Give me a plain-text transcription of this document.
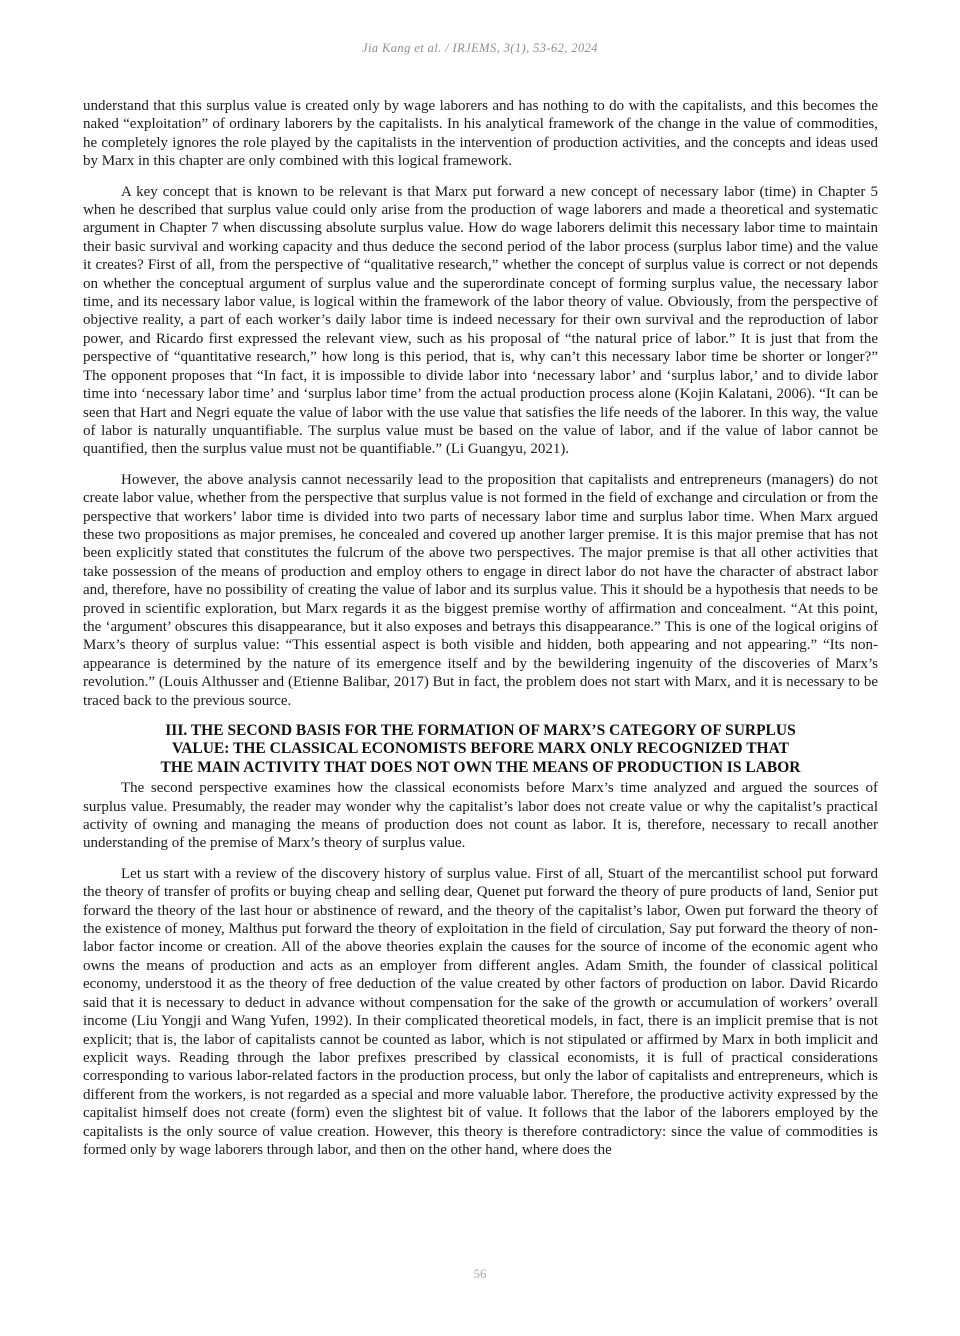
Jia Kang et al. / IRJEMS, 3(1), 53-62, 2024

understand that this surplus value is created only by wage laborers and has nothing to do with the capitalists, and this becomes the naked “exploitation” of ordinary laborers by the capitalists. In his analytical framework of the change in the value of commodities, he completely ignores the role played by the capitalists in the intervention of production activities, and the concepts and ideas used by Marx in this chapter are only combined with this logical framework.

A key concept that is known to be relevant is that Marx put forward a new concept of necessary labor (time) in Chapter 5 when he described that surplus value could only arise from the production of wage laborers and made a theoretical and systematic argument in Chapter 7 when discussing absolute surplus value. How do wage laborers delimit this necessary labor time to maintain their basic survival and working capacity and thus deduce the second period of the labor process (surplus labor time) and the value it creates? First of all, from the perspective of “qualitative research,” whether the concept of surplus value is correct or not depends on whether the conceptual argument of surplus value and the superordinate concept of forming surplus value, the necessary labor time, and its necessary labor value, is logical within the framework of the labor theory of value. Obviously, from the perspective of objective reality, a part of each worker’s daily labor time is indeed necessary for their own survival and the reproduction of labor power, and Ricardo first expressed the relevant view, such as his proposal of “the natural price of labor.” It is just that from the perspective of “quantitative research,” how long is this period, that is, why can’t this necessary labor time be shorter or longer?” The opponent proposes that “In fact, it is impossible to divide labor into ‘necessary labor’ and ‘surplus labor,’ and to divide labor time into ‘necessary labor time’ and ‘surplus labor time’ from the actual production process alone (Kojin Kalatani, 2006). “It can be seen that Hart and Negri equate the value of labor with the use value that satisfies the life needs of the laborer. In this way, the value of labor is naturally unquantifiable. The surplus value must be based on the value of labor, and if the value of labor cannot be quantified, then the surplus value must not be quantifiable.” (Li Guangyu, 2021).

However, the above analysis cannot necessarily lead to the proposition that capitalists and entrepreneurs (managers) do not create labor value, whether from the perspective that surplus value is not formed in the field of exchange and circulation or from the perspective that workers’ labor time is divided into two parts of necessary labor time and surplus labor time. When Marx argued these two propositions as major premises, he concealed and covered up another larger premise. It is this major premise that has not been explicitly stated that constitutes the fulcrum of the above two perspectives. The major premise is that all other activities that take possession of the means of production and employ others to engage in direct labor do not have the character of abstract labor and, therefore, have no possibility of creating the value of labor and its surplus value. This it should be a hypothesis that needs to be proved in scientific exploration, but Marx regards it as the biggest premise worthy of affirmation and concealment. “At this point, the ‘argument’ obscures this disappearance, but it also exposes and betrays this disappearance.” This is one of the logical origins of Marx’s theory of surplus value: “This essential aspect is both visible and hidden, both appearing and not appearing.” “Its non-appearance is determined by the nature of its emergence itself and by the bewildering ingenuity of the discoveries of Marx’s revolution.” (Louis Althusser and (Etienne Balibar, 2017) But in fact, the problem does not start with Marx, and it is necessary to be traced back to the previous source.

III. THE SECOND BASIS FOR THE FORMATION OF MARX’S CATEGORY OF SURPLUS VALUE: THE CLASSICAL ECONOMISTS BEFORE MARX ONLY RECOGNIZED THAT THE MAIN ACTIVITY THAT DOES NOT OWN THE MEANS OF PRODUCTION IS LABOR

The second perspective examines how the classical economists before Marx’s time analyzed and argued the sources of surplus value. Presumably, the reader may wonder why the capitalist’s labor does not create value or why the capitalist’s practical activity of owning and managing the means of production does not count as labor. It is, therefore, necessary to recall another understanding of the premise of Marx’s theory of surplus value.

Let us start with a review of the discovery history of surplus value. First of all, Stuart of the mercantilist school put forward the theory of transfer of profits or buying cheap and selling dear, Quenet put forward the theory of pure products of land, Senior put forward the theory of the last hour or abstinence of reward, and the theory of the capitalist’s labor, Owen put forward the theory of the existence of money, Malthus put forward the theory of exploitation in the field of circulation, Say put forward the theory of non-labor factor income or creation. All of the above theories explain the causes for the source of income of the economic agent who owns the means of production and acts as an employer from different angles. Adam Smith, the founder of classical political economy, understood it as the theory of free deduction of the value created by other factors of production on labor. David Ricardo said that it is necessary to deduct in advance without compensation for the sake of the growth or accumulation of workers’ overall income (Liu Yongji and Wang Yufen, 1992). In their complicated theoretical models, in fact, there is an implicit premise that is not explicit; that is, the labor of capitalists cannot be counted as labor, which is not stipulated or affirmed by Marx in both implicit and explicit ways. Reading through the labor prefixes prescribed by classical economists, it is full of practical considerations corresponding to various labor-related factors in the production process, but only the labor of capitalists and entrepreneurs, which is different from the workers, is not regarded as a special and more valuable labor. Therefore, the productive activity expressed by the capitalist himself does not create (form) even the slightest bit of value. It follows that the labor of the laborers employed by the capitalists is the only source of value creation. However, this theory is therefore contradictory: since the value of commodities is formed only by wage laborers through labor, and then on the other hand, where does the

56
